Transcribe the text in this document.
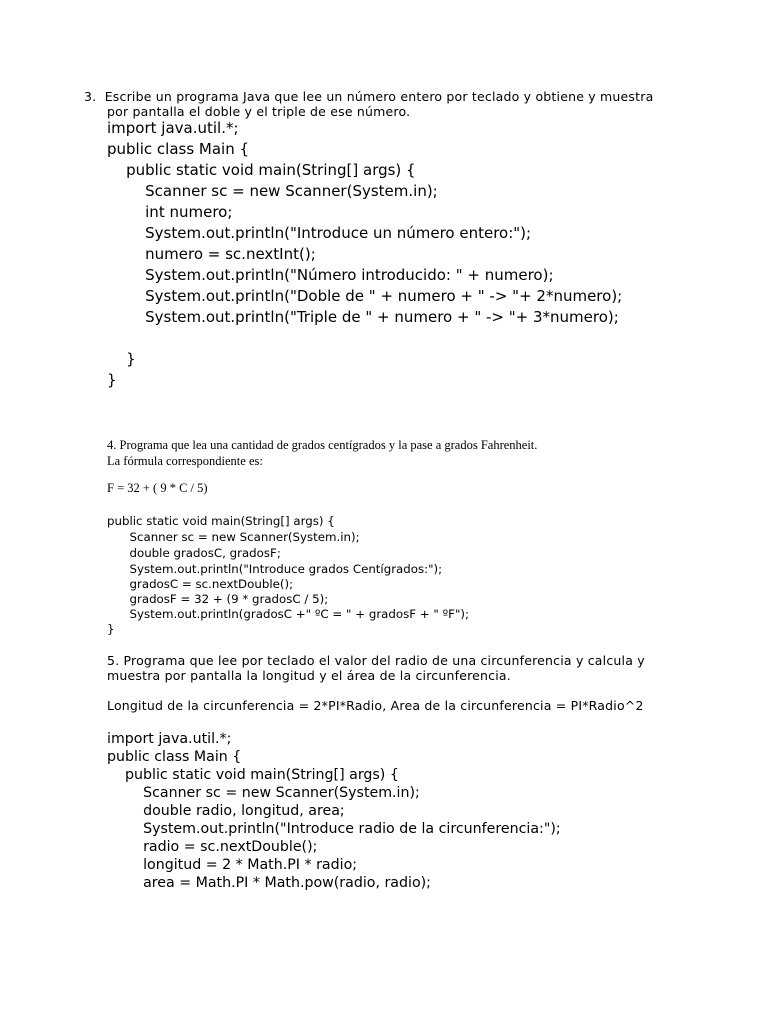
3. Escribe un programa Java que lee un número entero por teclado y obtiene y muestra
por pantalla el doble y el triple de ese número.
import java.util.*;
public class Main {
public static void main(String[] args) {
Scanner sc = new Scanner(System.in);
int numero;
System.out.println("Introduce un número entero:");
numero = sc.nextInt();
System.out.println("Número introducido: " + numero);
System.out.println("Doble de " + numero + " -> "+ 2*numero);
System.out.println("Triple de " + numero + " -> "+ 3*numero);
}
}
4. Programa que lea una cantidad de grados centígrados y la pase a grados Fahrenheit.
La fórmula correspondiente es:
F = 32 + ( 9 * C / 5)
public static void main(String[] args) {
Scanner sc = new Scanner(System.in);
double gradosC, gradosF;
System.out.println("Introduce grados Centígrados:");
gradosC = sc.nextDouble();
gradosF = 32 + (9 * gradosC / 5);
System.out.println(gradosC +" ºC = " + gradosF + " ºF");
}
5. Programa que lee por teclado el valor del radio de una circunferencia y calcula y
muestra por pantalla la longitud y el área de la circunferencia.
Longitud de la circunferencia = 2*PI*Radio, Area de la circunferencia = PI*Radio^2
import java.util.*;
public class Main {
public static void main(String[] args) {
Scanner sc = new Scanner(System.in);
double radio, longitud, area;
System.out.println("Introduce radio de la circunferencia:");
radio = sc.nextDouble();
longitud = 2 * Math.PI * radio;
area = Math.PI * Math.pow(radio, radio);
